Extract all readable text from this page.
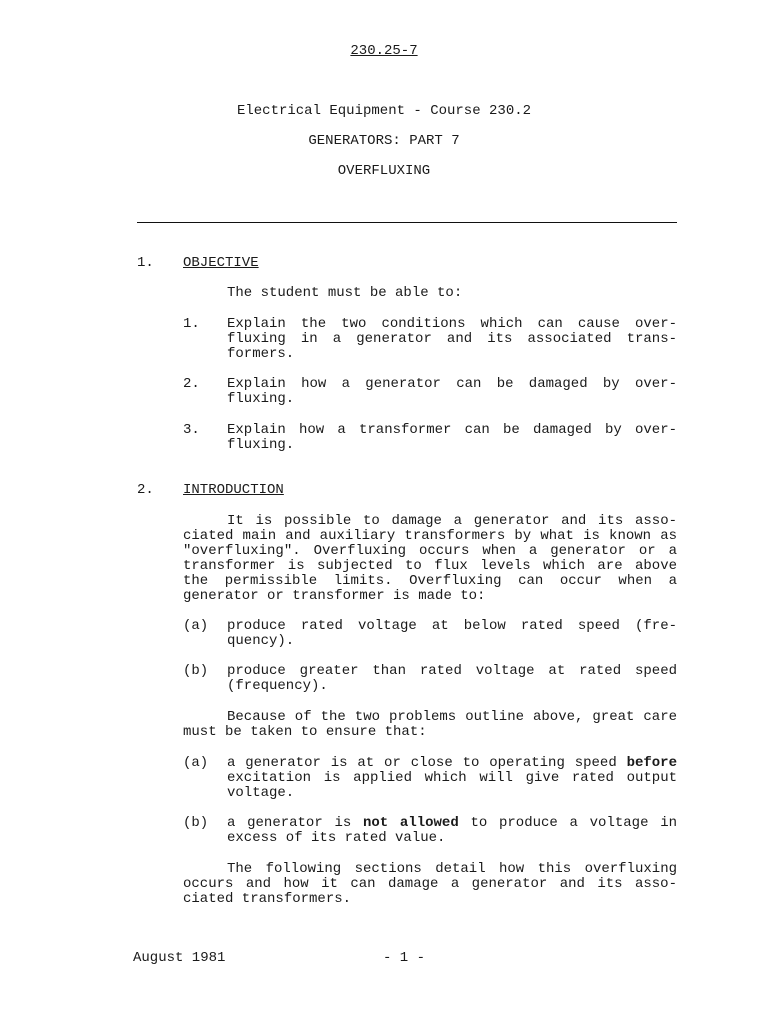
230.25-7
Electrical Equipment - Course 230.2
GENERATORS: PART 7
OVERFLUXING
1. OBJECTIVE
The student must be able to:
1. Explain the two conditions which can cause over-fluxing in a generator and its associated trans-formers.
2. Explain how a generator can be damaged by over-fluxing.
3. Explain how a transformer can be damaged by over-fluxing.
2. INTRODUCTION
It is possible to damage a generator and its asso-ciated main and auxiliary transformers by what is known as "overfluxing". Overfluxing occurs when a generator or a transformer is subjected to flux levels which are above the permissible limits. Overfluxing can occur when a generator or transformer is made to:
(a) produce rated voltage at below rated speed (fre-quency).
(b) produce greater than rated voltage at rated speed (frequency).
Because of the two problems outline above, great care must be taken to ensure that:
(a) a generator is at or close to operating speed before excitation is applied which will give rated output voltage.
(b) a generator is not allowed to produce a voltage in excess of its rated value.
The following sections detail how this overfluxing occurs and how it can damage a generator and its asso-ciated transformers.
August 1981	- 1 -
